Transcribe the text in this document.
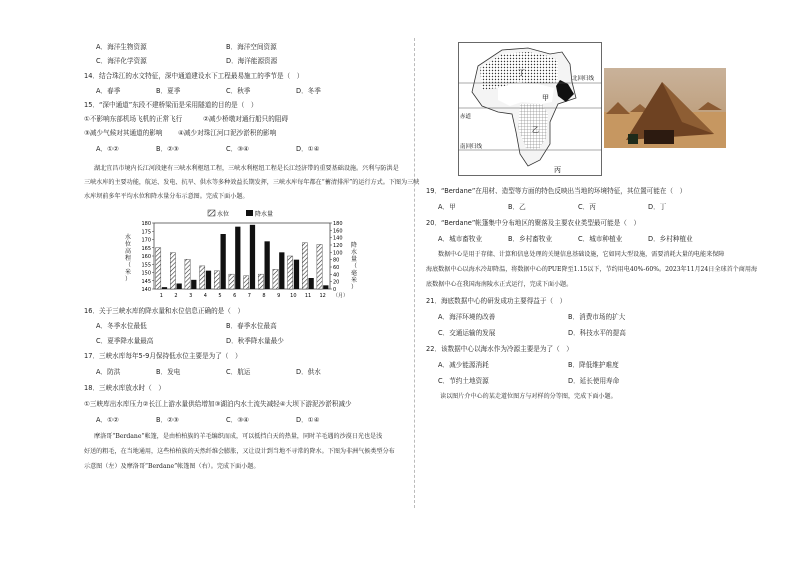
A．海洋生物资源	B．海洋空间资源
C．海洋化学资源	D．海洋能源资源
14．结合珠江的水文特征，深中通道建设水下工程最易施工的季节是（　）
A．春季	B．夏季	C．秋季	D．冬季
15．“深中通道”东段不建桥梁而是采用隧道的目的是（　）
①不影响东部机场飞机的正常飞行	②减少桥墩对通行船只的阻碍
③减少气候对其通道的影响 ④减少对珠江河口泥沙淤积的影响
A．①②	B．②③	C．③④	D．①④
湖北宜昌市境内长江河段建有三峡水利枢纽工程，三峡水利枢纽工程是长江经济带的重要基础设施。兴利与防洪是
三峡水库的主要功能，航运、发电、抗旱、供水等多种效益长期发挥，三峡水库每年都在“蓄清排浑”的运行方式。下图为三峡
水库坝前多年平均水位和降水量分布示意图。完成下面小题。
水位	降水量
180
175
170
165
160
155
150
145
140
180
160
140
120
100
80
60
40
20
0
水位高程（米）
降水量（毫米）
1 2 3 4 5 6 7 8 9 10 11 12 （月）
16．关于三峡水库的降水量和水位信息正确的是（　）
A．冬季水位最低	B．春季水位最高
C．夏季降水量最高	D．秋季降水量最少
17．三峡水库每年5-9月保持低水位主要是为了（　）
A．防洪	B．发电	C．航运	D．供水
18．三峡水库放水时（　）
①三峡库出水库压力②长江上游水量供给增加③湖泊内水土流失减轻④大坝下游泥沙淤积减少
A．①②	B．②③	C．③④	D．①④
摩洛哥“Berdane”帐篷，是由柏柏族的羊毛编织而成，可以抵挡白天的热量，同时羊毛遇的沙漠日光也是浅
好送的粗毛，在当地通用，这些柏柏族的天然纤维会膨胀，又让设计到当地不寻常的降水。下图为非洲气候类型分布
示意图（左）及摩洛哥“Berdane”帐篷图（右）。完成下面小题。
丁
甲
乙
丙
赤道
南回归线
北回归线
19．“Berdane”在用材、造型等方面的特色反映出当地的环境特征，其位置可能在（　）
A．甲	B．乙	C．丙	D．丁
20．“Berdane”帐篷集中分布地区的聚落及主要农业类型最可能是（　）
A．城市畜牧业	B．乡村畜牧业	C．城市种植业	D．乡村种植业
数据中心是用于存储、计算和信息处理的关键信息基础设施，它如同大型设施，需要消耗大量的电能来保障
海底数据中心以海水冷却降温，将数据中心的PUE降至1.15以下，节约用电40%-60%。2023年11月24日全球首个商用海
底数据中心在我国海南陵水正式运行，完成下面小题。
21．海底数据中心的研发成功主要得益于（　）
A．海洋环境的改善	B．消费市场的扩大
C．交通运输的发展	D．科技水平的提高
22．该数据中心以海水作为冷源主要是为了（　）
A．减少能源消耗	B．降低维护难度
C．节约土地资源	D．延长使用寿命
读以图片介中心的某走道位图方与对样的分等图，完成下面小题。
